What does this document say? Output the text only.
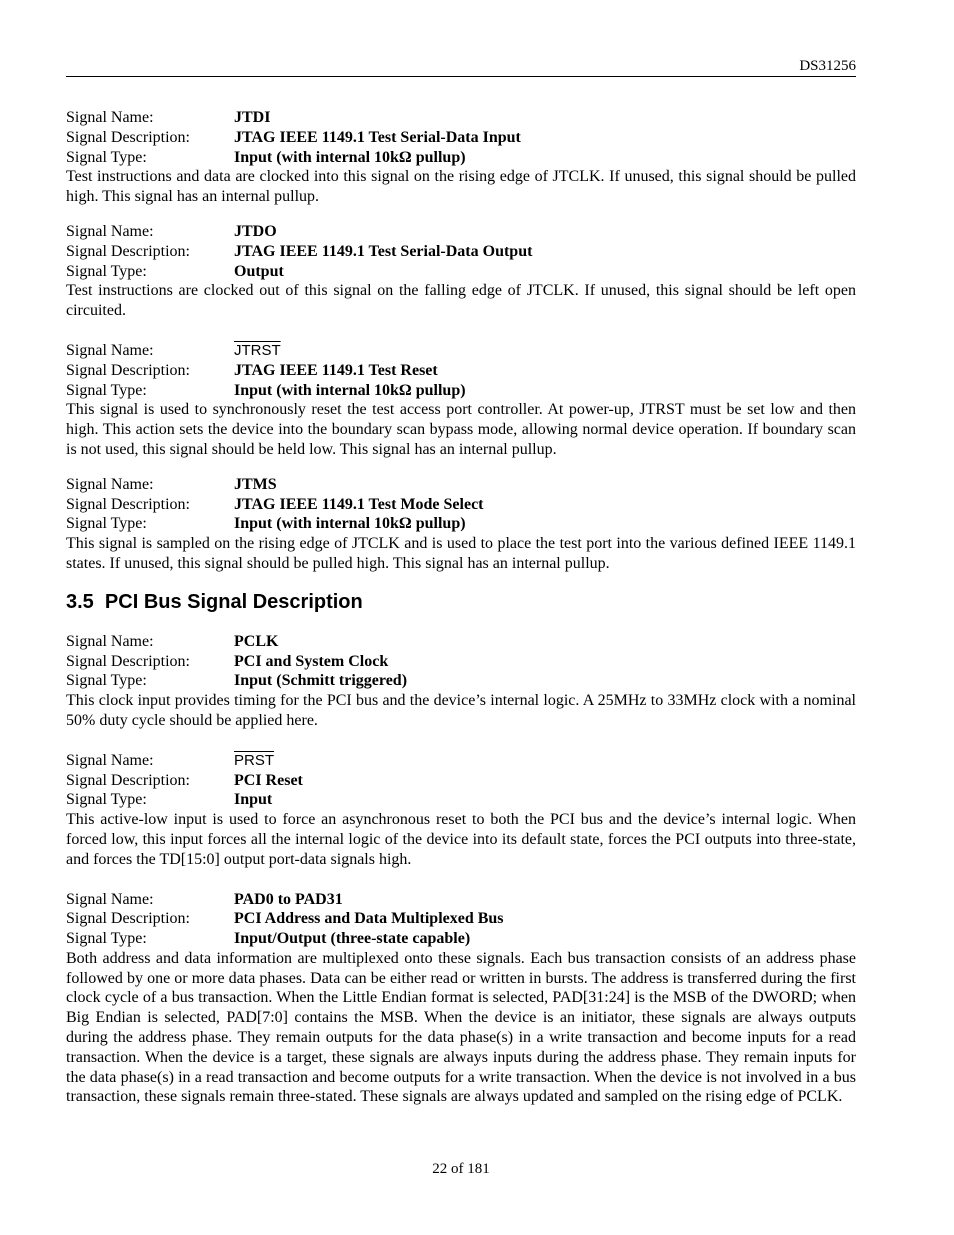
DS31256
Signal Name:	JTDI
Signal Description:	JTAG IEEE 1149.1 Test Serial-Data Input
Signal Type:	Input (with internal 10kΩ pullup)
Test instructions and data are clocked into this signal on the rising edge of JTCLK. If unused, this signal should be pulled high. This signal has an internal pullup.
Signal Name:	JTDO
Signal Description:	JTAG IEEE 1149.1 Test Serial-Data Output
Signal Type:	Output
Test instructions are clocked out of this signal on the falling edge of JTCLK. If unused, this signal should be left open circuited.
Signal Name:	JTRST
Signal Description:	JTAG IEEE 1149.1 Test Reset
Signal Type:	Input (with internal 10kΩ pullup)
This signal is used to synchronously reset the test access port controller. At power-up, JTRST must be set low and then high. This action sets the device into the boundary scan bypass mode, allowing normal device operation. If boundary scan is not used, this signal should be held low. This signal has an internal pullup.
Signal Name:	JTMS
Signal Description:	JTAG IEEE 1149.1 Test Mode Select
Signal Type:	Input (with internal 10kΩ pullup)
This signal is sampled on the rising edge of JTCLK and is used to place the test port into the various defined IEEE 1149.1 states. If unused, this signal should be pulled high. This signal has an internal pullup.
3.5  PCI Bus Signal Description
Signal Name:	PCLK
Signal Description:	PCI and System Clock
Signal Type:	Input (Schmitt triggered)
This clock input provides timing for the PCI bus and the device’s internal logic. A 25MHz to 33MHz clock with a nominal 50% duty cycle should be applied here.
Signal Name:	PRST
Signal Description:	PCI Reset
Signal Type:	Input
This active-low input is used to force an asynchronous reset to both the PCI bus and the device’s internal logic. When forced low, this input forces all the internal logic of the device into its default state, forces the PCI outputs into three-state, and forces the TD[15:0] output port-data signals high.
Signal Name:	PAD0 to PAD31
Signal Description:	PCI Address and Data Multiplexed Bus
Signal Type:	Input/Output (three-state capable)
Both address and data information are multiplexed onto these signals. Each bus transaction consists of an address phase followed by one or more data phases. Data can be either read or written in bursts. The address is transferred during the first clock cycle of a bus transaction. When the Little Endian format is selected, PAD[31:24] is the MSB of the DWORD; when Big Endian is selected, PAD[7:0] contains the MSB. When the device is an initiator, these signals are always outputs during the address phase. They remain outputs for the data phase(s) in a write transaction and become inputs for a read transaction. When the device is a target, these signals are always inputs during the address phase. They remain inputs for the data phase(s) in a read transaction and become outputs for a write transaction. When the device is not involved in a bus transaction, these signals remain three-stated. These signals are always updated and sampled on the rising edge of PCLK.
22 of 181
